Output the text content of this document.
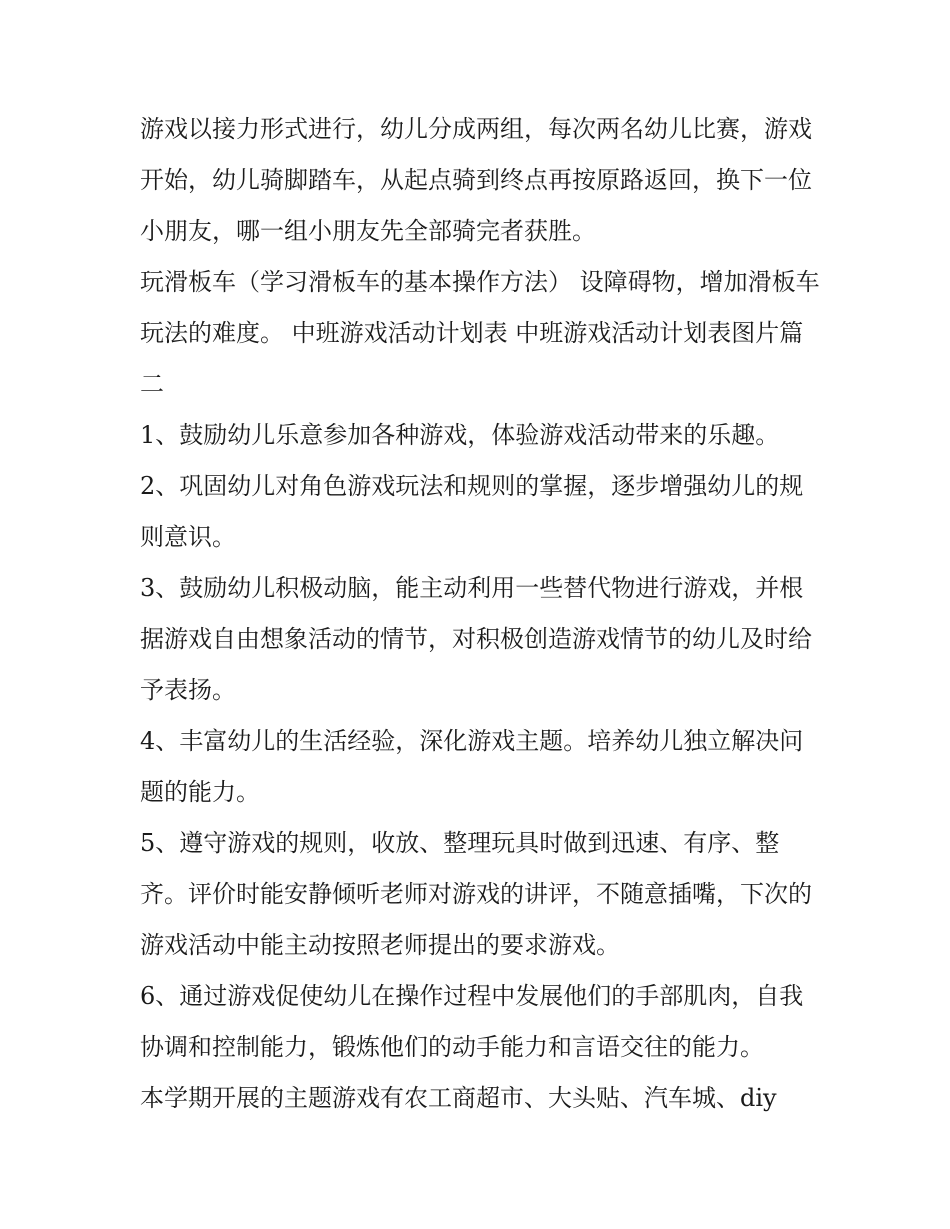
游戏以接力形式进行，幼儿分成两组，每次两名幼儿比赛，游戏开始，幼儿骑脚踏车，从起点骑到终点再按原路返回，换下一位小朋友，哪一组小朋友先全部骑完者获胜。

玩滑板车（学习滑板车的基本操作方法） 设障碍物，增加滑板车玩法的难度。 中班游戏活动计划表 中班游戏活动计划表图片篇二

1、鼓励幼儿乐意参加各种游戏，体验游戏活动带来的乐趣。

2、巩固幼儿对角色游戏玩法和规则的掌握，逐步增强幼儿的规则意识。

3、鼓励幼儿积极动脑，能主动利用一些替代物进行游戏，并根据游戏自由想象活动的情节，对积极创造游戏情节的幼儿及时给予表扬。

4、丰富幼儿的生活经验，深化游戏主题。培养幼儿独立解决问题的能力。

5、遵守游戏的规则，收放、整理玩具时做到迅速、有序、整齐。评价时能安静倾听老师对游戏的讲评，不随意插嘴，下次的游戏活动中能主动按照老师提出的要求游戏。

6、通过游戏促使幼儿在操作过程中发展他们的手部肌肉，自我协调和控制能力，锻炼他们的动手能力和言语交往的能力。

本学期开展的主题游戏有农工商超市、大头贴、汽车城、diy
